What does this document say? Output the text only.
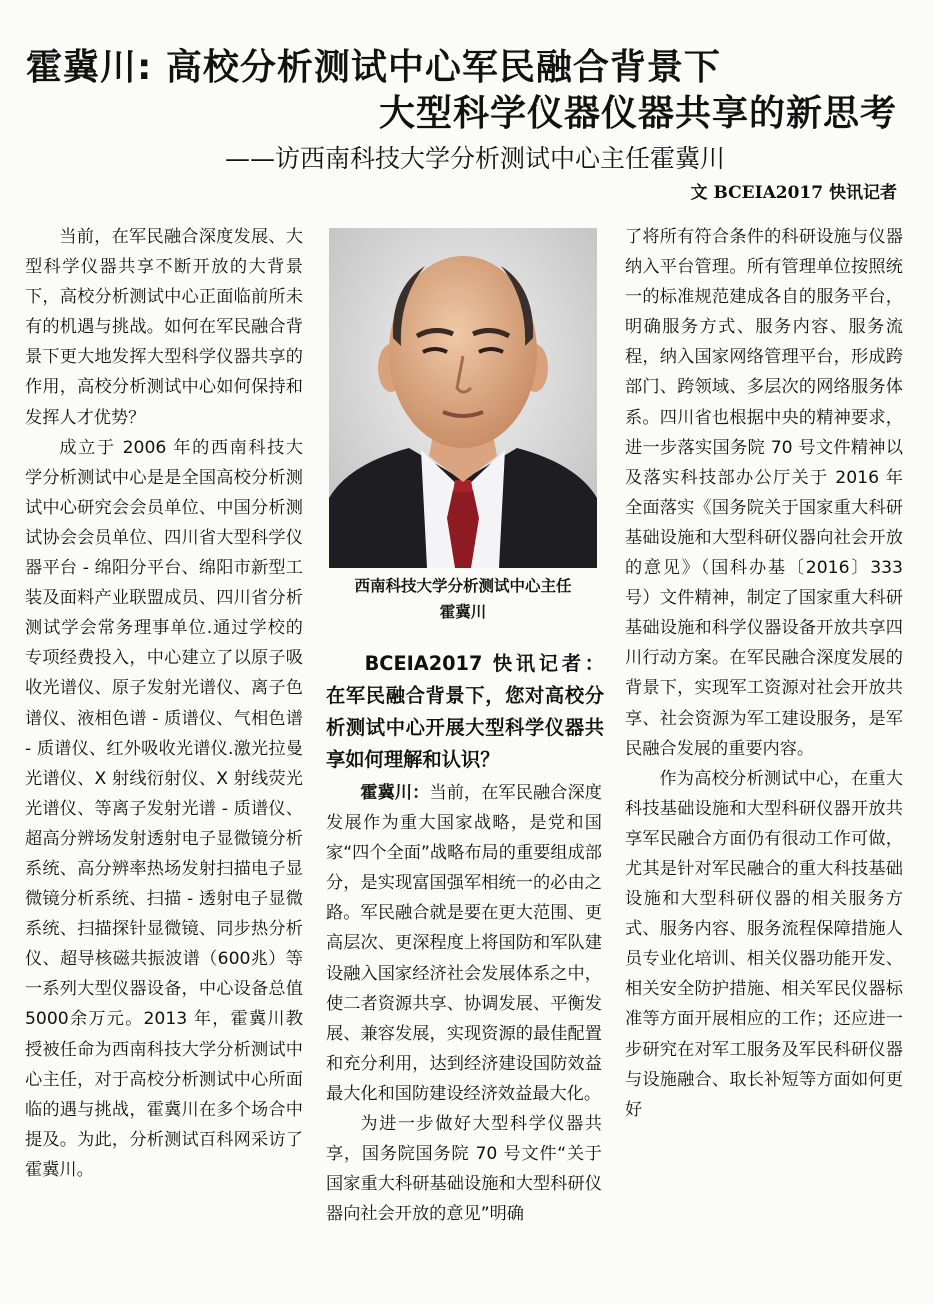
霍冀川: 高校分析测试中心军民融合背景下
大型科学仪器仪器共享的新思考
——访西南科技大学分析测试中心主任霍冀川
文 BCEIA2017 快讯记者

当前，在军民融合深度发展、大型科学仪器共享不断开放的大背景下，高校分析测试中心正面临前所未有的机遇与挑战。如何在军民融合背景下更大地发挥大型科学仪器共享的作用，高校分析测试中心如何保持和发挥人才优势？

成立于 2006 年的西南科技大学分析测试中心是是全国高校分析测试中心研究会会员单位、中国分析测试协会会员单位、四川省大型科学仪器平台 - 绵阳分平台、绵阳市新型工装及面料产业联盟成员、四川省分析测试学会常务理事单位.通过学校的专项经费投入，中心建立了以原子吸收光谱仪、原子发射光谱仪、离子色谱仪、液相色谱 - 质谱仪、气相色谱 - 质谱仪、红外吸收光谱仪.激光拉曼光谱仪、X 射线衍射仪、X 射线荧光光谱仪、等离子发射光谱 - 质谱仪、超高分辨场发射透射电子显微镜分析系统、高分辨率热场发射扫描电子显微镜分析系统、扫描 - 透射电子显微系统、扫描探针显微镜、同步热分析仪、超导核磁共振波谱（600兆）等一系列大型仪器设备，中心设备总值5000余万元。2013 年，霍冀川教授被任命为西南科技大学分析测试中心主任，对于高校分析测试中心所面临的遇与挑战，霍冀川在多个场合中提及。为此，分析测试百科网采访了霍冀川。

西南科技大学分析测试中心主任
霍冀川
BCEIA2017 快讯记者：在军民融合背景下，您对高校分析测试中心开展大型科学仪器共享如何理解和认识？

霍冀川：当前，在军民融合深度发展作为重大国家战略，是党和国家“四个全面”战略布局的重要组成部分，是实现富国强军相统一的必由之路。军民融合就是要在更大范围、更高层次、更深程度上将国防和军队建设融入国家经济社会发展体系之中，使二者资源共享、协调发展、平衡发展、兼容发展，实现资源的最佳配置和充分利用，达到经济建设国防效益最大化和国防建设经济效益最大化。

为进一步做好大型科学仪器共享，国务院国务院 70 号文件“关于国家重大科研基础设施和大型科研仪器向社会开放的意见”明确

了将所有符合条件的科研设施与仪器纳入平台管理。所有管理单位按照统一的标准规范建成各自的服务平台，明确服务方式、服务内容、服务流程，纳入国家网络管理平台，形成跨部门、跨领域、多层次的网络服务体系。四川省也根据中央的精神要求，进一步落实国务院 70 号文件精神以及落实科技部办公厅关于 2016 年全面落实《国务院关于国家重大科研基础设施和大型科研仪器向社会开放的意见》（国科办基〔2016〕333 号）文件精神，制定了国家重大科研基础设施和科学仪器设备开放共享四川行动方案。在军民融合深度发展的背景下，实现军工资源对社会开放共享、社会资源为军工建设服务，是军民融合发展的重要内容。

作为高校分析测试中心，在重大科技基础设施和大型科研仪器开放共享军民融合方面仍有很动工作可做，尤其是针对军民融合的重大科技基础设施和大型科研仪器的相关服务方式、服务内容、服务流程保障措施人员专业化培训、相关仪器功能开发、相关安全防护措施、相关军民仪器标准等方面开展相应的工作；还应进一步研究在对军工服务及军民科研仪器与设施融合、取长补短等方面如何更好
